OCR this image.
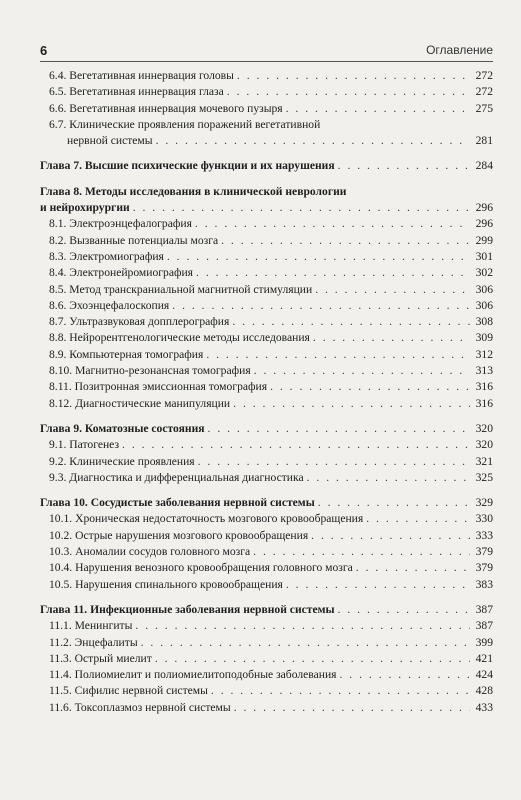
6	Оглавление
6.4. Вегетативная иннервация головы . . .	272
6.5. Вегетативная иннервация глаза . . .	272
6.6. Вегетативная иннервация мочевого пузыря . . .	275
6.7. Клинические проявления поражений вегетативной
нервной системы . . .	281
Глава 7. Высшие психические функции и их нарушения . . .	284
Глава 8. Методы исследования в клинической неврологии
и нейрохирургии . . .	296
8.1. Электроэнцефалография . . .	296
8.2. Вызванные потенциалы мозга . . .	299
8.3. Электромиография . . .	301
8.4. Электронейромиография . . .	302
8.5. Метод транскраниальной магнитной стимуляции . . .	306
8.6. Эхоэнцефалоскопия . . .	306
8.7. Ультразвуковая допплерография . . .	308
8.8. Нейрорентгенологические методы исследования . . .	309
8.9. Компьютерная томография . . .	312
8.10. Магнитно-резонансная томография . . .	313
8.11. Позитронная эмиссионная томография . . .	316
8.12. Диагностические манипуляции . . .	316
Глава 9. Коматозные состояния . . .	320
9.1. Патогенез . . .	320
9.2. Клинические проявления . . .	321
9.3. Диагностика и дифференциальная диагностика . . .	325
Глава 10. Сосудистые заболевания нервной системы . . .	329
10.1. Хроническая недостаточность мозгового кровообращения . . .	330
10.2. Острые нарушения мозгового кровообращения . . .	333
10.3. Аномалии сосудов головного мозга . . .	379
10.4. Нарушения венозного кровообращения головного мозга . . .	379
10.5. Нарушения спинального кровообращения . . .	383
Глава 11. Инфекционные заболевания нервной системы . . .	387
11.1. Менингиты . . .	387
11.2. Энцефалиты . . .	399
11.3. Острый миелит . . .	421
11.4. Полиомиелит и полиомиелитоподобные заболевания . . .	424
11.5. Сифилис нервной системы . . .	428
11.6. Токсоплазмоз нервной системы . . .	433
